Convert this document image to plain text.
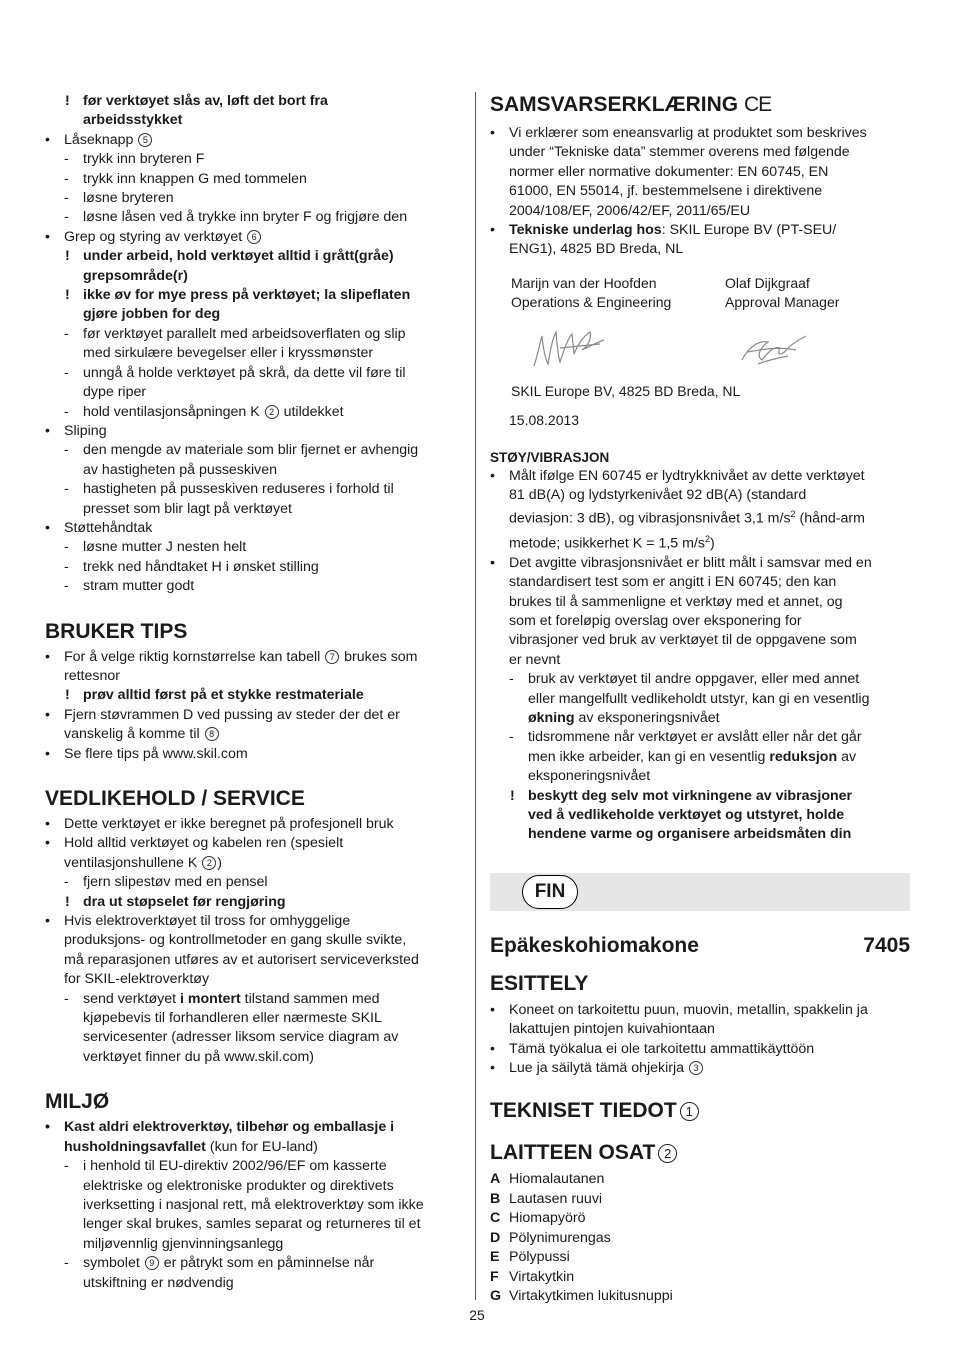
! før verktøyet slås av, løft det bort fra
arbeidsstykket
• Låseknapp 5
- trykk inn bryteren F
- trykk inn knappen G med tommelen
- løsne bryteren
- løsne låsen ved å trykke inn bryter F og frigjøre den
• Grep og styring av verktøyet 6
! under arbeid, hold verktøyet alltid i grått(gråe)
grepsområde(r)
! ikke øv for mye press på verktøyet; la slipeflaten
gjøre jobben for deg
- før verktøyet parallelt med arbeidsoverflaten og slip
med sirkulære bevegelser eller i kryssmønster
- unngå å holde verktøyet på skrå, da dette vil føre til
dype riper
- hold ventilasjonsåpningen K 2 utildekket
• Sliping
- den mengde av materiale som blir fjernet er avhengig
av hastigheten på pusseskiven
- hastigheten på pusseskiven reduseres i forhold til
presset som blir lagt på verktøyet
• Støttehåndtak
- løsne mutter J nesten helt
- trekk ned håndtaket H i ønsket stilling
- stram mutter godt
BRUKER TIPS
• For å velge riktig kornstørrelse kan tabell 7 brukes som
rettesnor
! prøv alltid først på et stykke restmateriale
• Fjern støvrammen D ved pussing av steder der det er
vanskelig å komme til 8
• Se flere tips på www.skil.com
VEDLIKEHOLD / SERVICE
• Dette verktøyet er ikke beregnet på profesjonell bruk
• Hold alltid verktøyet og kabelen ren (spesielt
ventilasjonshullene K 2 )
- fjern slipestøv med en pensel
! dra ut støpselet før rengjøring
• Hvis elektroverktøyet til tross for omhyggelige
produksjons- og kontrollmetoder en gang skulle svikte,
må reparasjonen utføres av et autorisert serviceverksted
for SKIL-elektroverktøy
- send verktøyet i montert tilstand sammen med
kjøpebevis til forhandleren eller nærmeste SKIL
servicesenter (adresser liksom service diagram av
verktøyet finner du på www.skil.com)
MILJØ
• Kast aldri elektroverktøy, tilbehør og emballasje i
husholdningsavfallet (kun for EU-land)
- i henhold til EU-direktiv 2002/96/EF om kasserte
elektriske og elektroniske produkter og direktivets
iverksetting i nasjonal rett, må elektroverktøy som ikke
lenger skal brukes, samles separat og returneres til et
miljøvennlig gjenvinningsanlegg
- symbolet 9 er påtrykt som en påminnelse når
utskiftning er nødvendig
SAMSVARSERKLÆRING CE
• Vi erklærer som eneansvarlig at produktet som beskrives
under “Tekniske data” stemmer overens med følgende
normer eller normative dokumenter: EN 60745, EN
61000, EN 55014, jf. bestemmelsene i direktivene
2004/108/EF, 2006/42/EF, 2011/65/EU
• Tekniske underlag hos: SKIL Europe BV (PT-SEU/
ENG1), 4825 BD Breda, NL
Marijn van der Hoofden
Operations & Engineering
Olaf Dijkgraaf
Approval Manager
SKIL Europe BV, 4825 BD Breda, NL
15.08.2013
STØY/VIBRASJON
• Målt ifølge EN 60745 er lydtrykknivået av dette verktøyet
81 dB(A) og lydstyrkenivået 92 dB(A) (standard
deviasjon: 3 dB), og vibrasjonsnivået 3,1 $m/s^2$ (hånd-arm
metode; usikkerhet K = 1,5 $m/s^2$)
• Det avgitte vibrasjonsnivået er blitt målt i samsvar med en
standardisert test som er angitt i EN 60745; den kan
brukes til å sammenligne et verktøy med et annet, og
som et foreløpig overslag over eksponering for
vibrasjoner ved bruk av verktøyet til de oppgavene som
er nevnt
- bruk av verktøyet til andre oppgaver, eller med annet
eller mangelfullt vedlikeholdt utstyr, kan gi en vesentlig
økning av eksponeringsnivået
- tidsrommene når verktøyet er avslått eller når det går
men ikke arbeider, kan gi en vesentlig reduksjon av
eksponeringsnivået
! beskytt deg selv mot virkningene av vibrasjoner
ved å vedlikeholde verktøyet og utstyret, holde
hendene varme og organisere arbeidsmåten din
FIN
Epäkeskohiomakone	7405
ESITTELY
• Koneet on tarkoitettu puun, muovin, metallin, spakkelin ja
lakattujen pintojen kuivahiontaan
• Tämä työkalua ei ole tarkoitettu ammattikäyttöön
• Lue ja säilytä tämä ohjekirja 3
TEKNISET TIEDOT 1
LAITTEEN OSAT 2
A Hiomalautanen
B Lautasen ruuvi
C Hiomapyörö
D Pölynimurengas
E Pölypussi
F Virtakytkin
G Virtakytkimen lukitusnuppi
25
